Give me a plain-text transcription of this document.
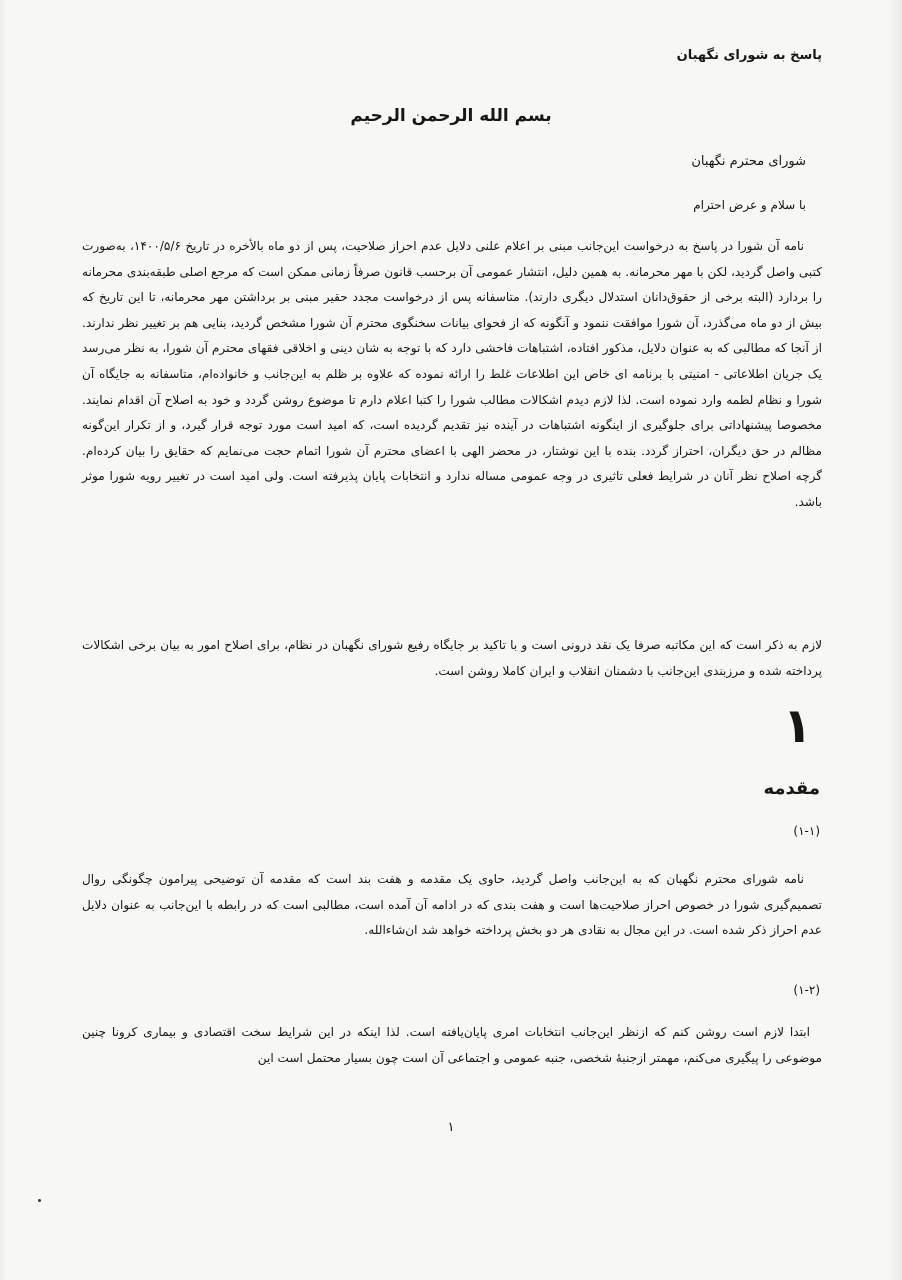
پاسخ به شورای نگهبان
بسم الله الرحمن الرحیم
شورای محترم نگهبان
با سلام و عرض احترام
نامه آن شورا در پاسخ به درخواست این‌جانب مبنی بر اعلام علنی دلایل عدم احراز صلاحیت، پس از دو ماه بالأخره در تاریخ ۱۴۰۰/۵/۶، به‌صورت کتبی واصل گردید، لکن با مهر محرمانه. به همین دلیل، انتشار عمومی آن برحسب قانون صرفاً زمانی ممکن است که مرجع اصلی طبقه‌بندی محرمانه را بردارد (البته برخی از حقوق‌دانان استدلال دیگری دارند). متاسفانه پس از درخواست مجدد حقیر مبنی بر برداشتن مهر محرمانه، تا این تاریخ که بیش از دو ماه می‌گذرد، آن شورا موافقت ننمود و آنگونه که از فحوای بیانات سخنگوی محترم آن شورا مشخص گردید، بنایی هم بر تغییر نظر ندارند. از آنجا که مطالبی که به عنوان دلایل، مذکور افتاده، اشتباهات فاحشی دارد که با توجه به شان دینی و اخلاقی فقهای محترم آن شورا، به نظر می‌رسد یک جریان اطلاعاتی - امنیتی با برنامه ای خاص این اطلاعات غلط را ارائه نموده که علاوه بر ظلم به این‌جانب و خانواده‌ام، متاسفانه به جایگاه آن شورا و نظام لطمه وارد نموده است. لذا لازم دیدم اشکالات مطالب شورا را کتبا اعلام دارم تا موضوع روشن گردد و خود به اصلاح آن اقدام نمایند. مخصوصا پیشنهاداتی برای جلوگیری از اینگونه اشتباهات در آینده نیز تقدیم گردیده است، که امید است مورد توجه قرار گیرد، و از تکرار این‌گونه مظالم در حق دیگران، احتراز گردد. بنده با این نوشتار، در محضر الهی با اعضای محترم آن شورا اتمام حجت می‌نمایم که حقایق را بیان کرده‌ام. گرچه اصلاح نظر آنان در شرایط فعلی تاثیری در وجه عمومی مساله ندارد و انتخابات پایان پذیرفته است. ولی امید است در تغییر رویه شورا موثر باشد.
لازم به ذکر است که این مکاتبه صرفا یک نقد درونی است و با تاکید بر جایگاه رفیع شورای نگهبان در نظام، برای اصلاح امور به بیان برخی اشکالات پرداخته شده و مرزبندی این‌جانب با دشمنان انقلاب و ایران کاملا روشن است.
۱
مقدمه
(۱-۱)
نامه شورای محترم نگهبان که به این‌جانب واصل گردید، حاوی یک مقدمه و هفت بند است که مقدمه آن توضیحی پیرامون چگونگی روال تصمیم‌گیری شورا در خصوص احراز صلاحیت‌ها است و هفت بندی که در ادامه آن آمده است، مطالبی است که در رابطه با این‌جانب به عنوان دلایل عدم احراز ذکر شده است. در این مجال به نقادی هر دو بخش پرداخته خواهد شد ان‌شاءالله.
(۱-۲)
ابتدا لازم است روشن کنم که ازنظر این‌جانب انتخابات امری پایان‌یافته است. لذا اینکه در این شرایط سخت اقتصادی و بیماری کرونا چنین موضوعی را پیگیری می‌کنم، مهمتر ازجنبهٔ شخصی، جنبه عمومی و اجتماعی آن است چون بسیار محتمل است این
۱
